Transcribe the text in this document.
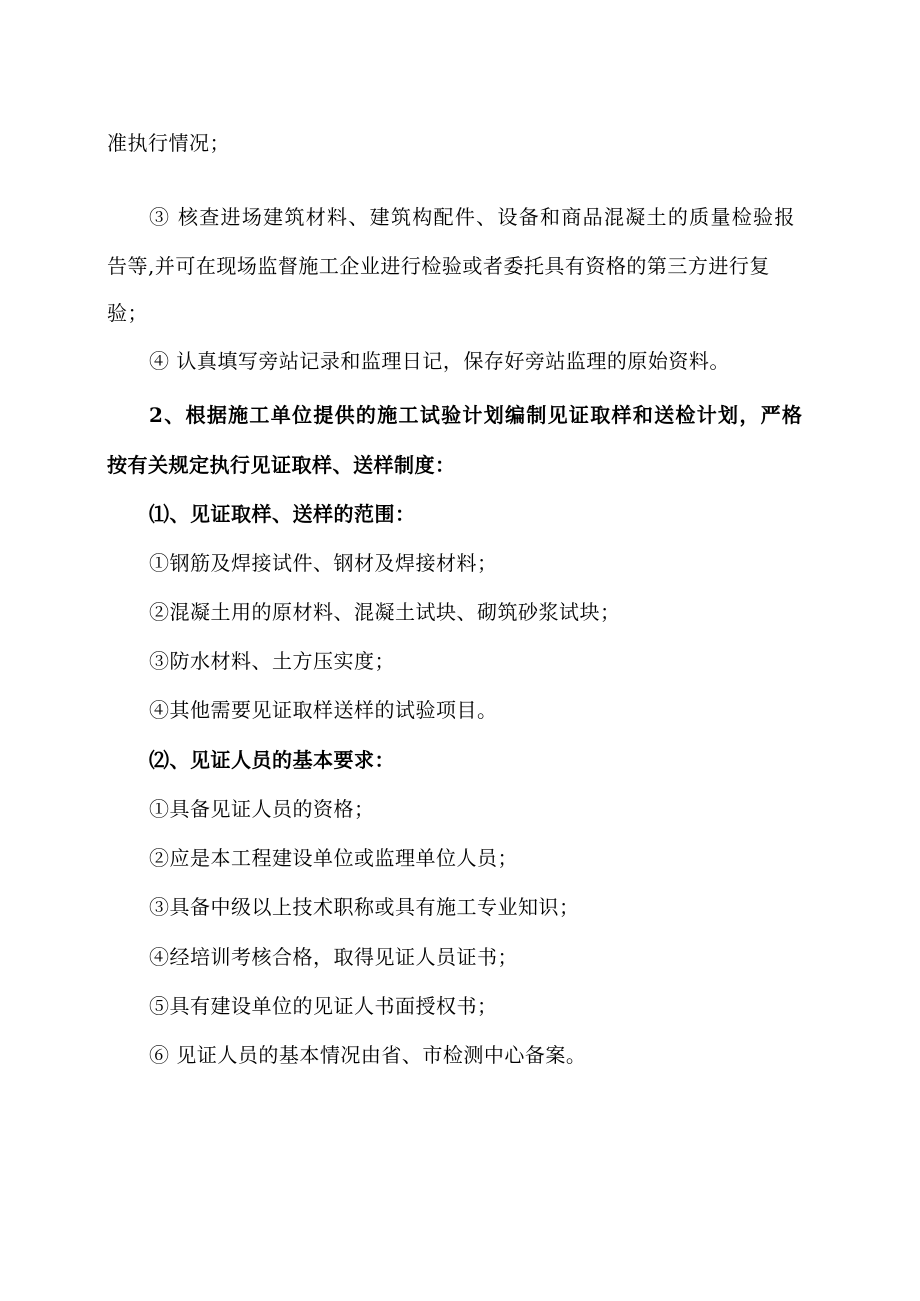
准执行情况；
③ 核查进场建筑材料、建筑构配件、设备和商品混凝土的质量检验报
告等,并可在现场监督施工企业进行检验或者委托具有资格的第三方进行复
验；
④ 认真填写旁站记录和监理日记，保存好旁站监理的原始资料。
2、根据施工单位提供的施工试验计划编制见证取样和送检计划，严格
按有关规定执行见证取样、送样制度：
⑴、见证取样、送样的范围：
①钢筋及焊接试件、钢材及焊接材料；
②混凝土用的原材料、混凝土试块、砌筑砂浆试块；
③防水材料、土方压实度；
④其他需要见证取样送样的试验项目。
⑵、见证人员的基本要求：
①具备见证人员的资格；
②应是本工程建设单位或监理单位人员；
③具备中级以上技术职称或具有施工专业知识；
④经培训考核合格，取得见证人员证书；
⑤具有建设单位的见证人书面授权书；
⑥ 见证人员的基本情况由省、市检测中心备案。
